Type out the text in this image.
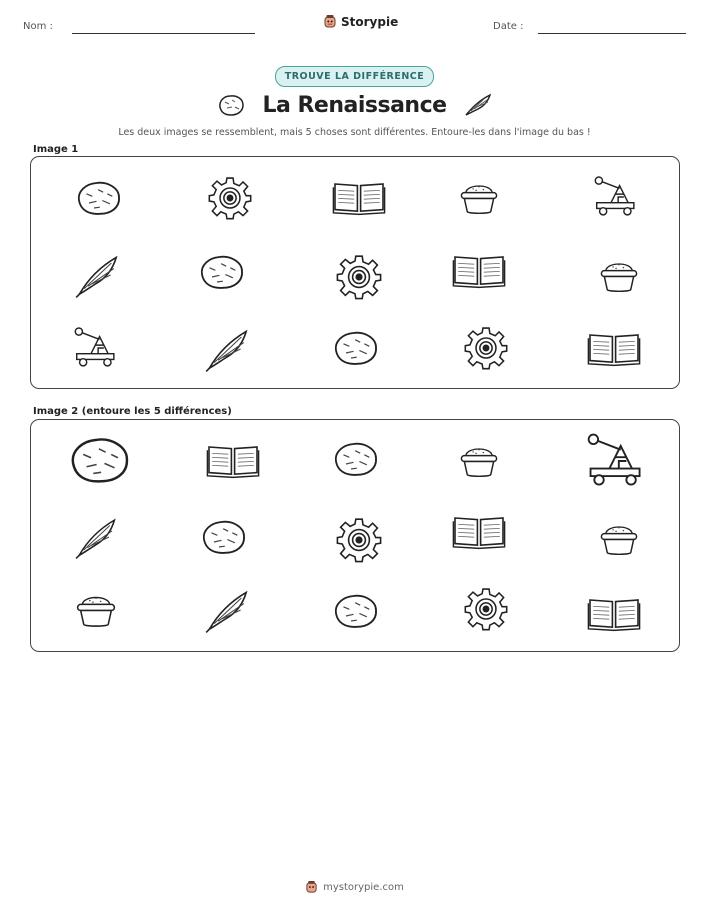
Nom :	Storypie	Date :
TROUVE LA DIFFÉRENCE
La Renaissance
Les deux images se ressemblent, mais 5 choses sont différentes. Entoure-les dans l'image du bas !
Image 1
Image 2 (entoure les 5 différences)
mystorypie.com
